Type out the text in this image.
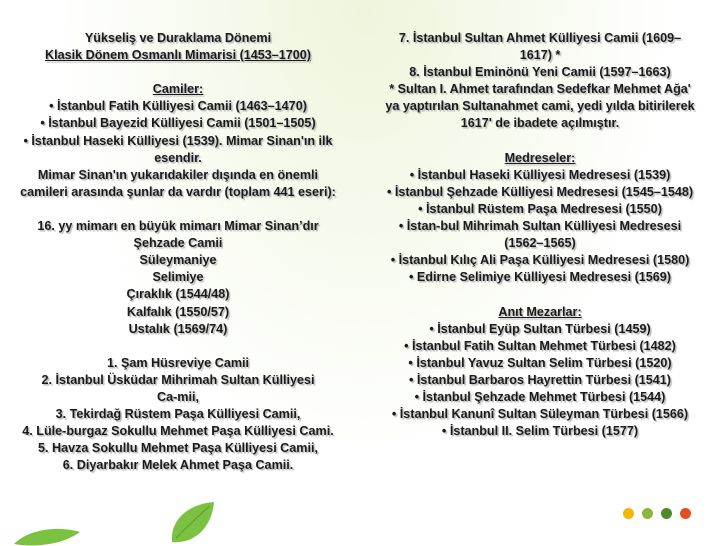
Yükseliş ve Duraklama Dönemi
Klasik Dönem Osmanlı Mimarisi (1453–1700)
Camiler:
• İstanbul Fatih Külliyesi Camii (1463–1470)
• İstanbul Bayezid Külliyesi Camii (1501–1505)
• İstanbul Haseki Külliyesi (1539). Mimar Sinan'ın ilk
esendir.
Mimar Sinan'ın yukarıdakiler dışında en önemli
camileri arasında şunlar da vardır (toplam 441 eseri):
16. yy mimarı en büyük mimarı Mimar Sinan’dır
Şehzade Camii
Süleymaniye
Selimiye
Çıraklık (1544/48)
Kalfalık (1550/57)
Ustalık (1569/74)
1. Şam Hüsreviye Camii
2. İstanbul Üsküdar Mihrimah Sultan Külliyesi
Ca-mii,
3. Tekirdağ Rüstem Paşa Külliyesi Camii,
4. Lüle-burgaz Sokullu Mehmet Paşa Külliyesi Cami.
5. Havza Sokullu Mehmet Paşa Külliyesi Camii,
6. Diyarbakır Melek Ahmet Paşa Camii.
7. İstanbul Sultan Ahmet Külliyesi Camii (1609–
1617) *
8. İstanbul Eminönü Yeni Camii (1597–1663)
* Sultan I. Ahmet tarafından Sedefkar Mehmet Ağa'
ya yaptırılan Sultanahmet cami, yedi yılda bitirilerek
1617' de ibadete açılmıştır.
Medreseler:
• İstanbul Haseki Külliyesi Medresesi (1539)
• İstanbul Şehzade Külliyesi Medresesi (1545–1548)
• İstanbul Rüstem Paşa Medresesi (1550)
• İstan-bul Mihrimah Sultan Külliyesi Medresesi
(1562–1565)
• İstanbul Kılıç Ali Paşa Külliyesi Medresesi (1580)
• Edirne Selimiye Külliyesi Medresesi (1569)
Anıt Mezarlar:
• İstanbul Eyüp Sultan Türbesi (1459)
• İstanbul Fatih Sultan Mehmet Türbesi (1482)
• İstanbul Yavuz Sultan Selim Türbesi (1520)
• İstanbul Barbaros Hayrettin Türbesi (1541)
• İstanbul Şehzade Mehmet Türbesi (1544)
• İstanbul Kanunî Sultan Süleyman Türbesi (1566)
• İstanbul II. Selim Türbesi (1577)
